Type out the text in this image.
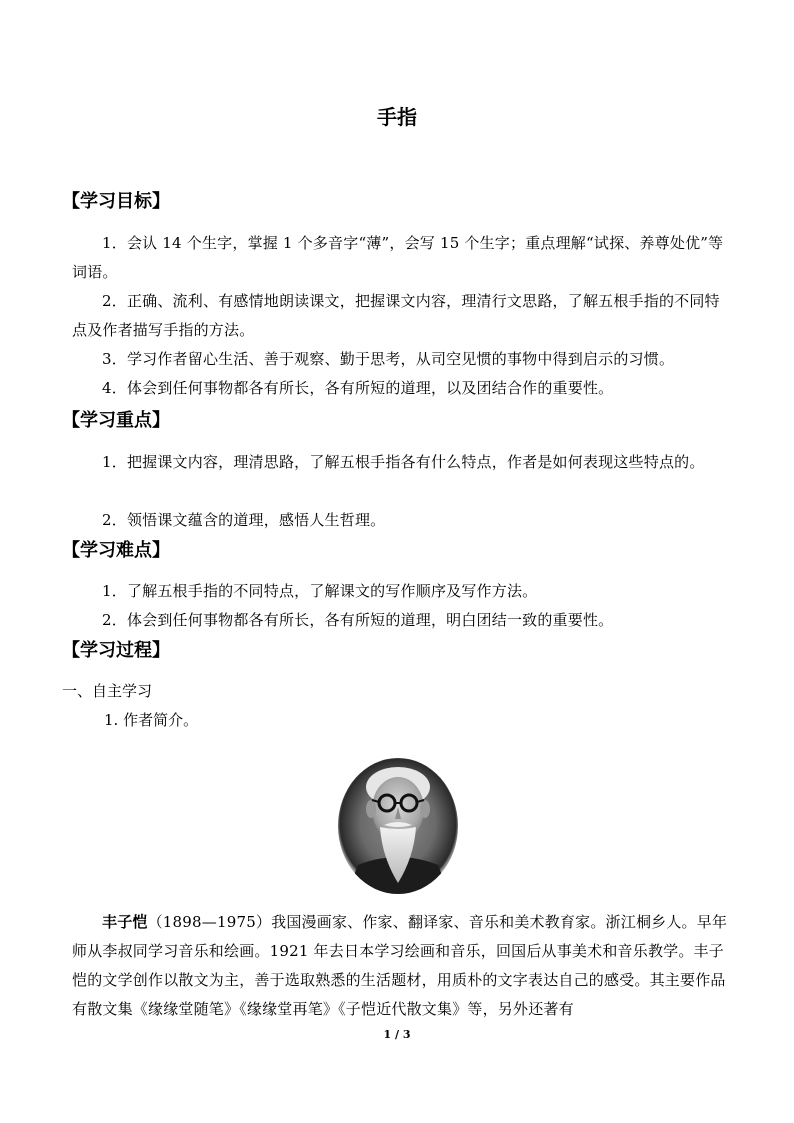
手指
【学习目标】
1．会认 14 个生字，掌握 1 个多音字“薄”，会写 15 个生字；重点理解“试探、养尊处优”等词语。
2．正确、流利、有感情地朗读课文，把握课文内容，理清行文思路，了解五根手指的不同特点及作者描写手指的方法。
3．学习作者留心生活、善于观察、勤于思考，从司空见惯的事物中得到启示的习惯。
4．体会到任何事物都各有所长，各有所短的道理，以及团结合作的重要性。
【学习重点】
1．把握课文内容，理清思路，了解五根手指各有什么特点，作者是如何表现这些特点的。
2．领悟课文蕴含的道理，感悟人生哲理。
【学习难点】
1．了解五根手指的不同特点，了解课文的写作顺序及写作方法。
2．体会到任何事物都各有所长，各有所短的道理，明白团结一致的重要性。
【学习过程】
一、自主学习
1. 作者简介。
丰子恺（1898—1975）我国漫画家、作家、翻译家、音乐和美术教育家。浙江桐乡人。早年师从李叔同学习音乐和绘画。1921 年去日本学习绘画和音乐，回国后从事美术和音乐教学。丰子恺的文学创作以散文为主，善于选取熟悉的生活题材，用质朴的文字表达自己的感受。其主要作品有散文集《缘缘堂随笔》《缘缘堂再笔》《子恺近代散文集》等，另外还著有
1 / 3
